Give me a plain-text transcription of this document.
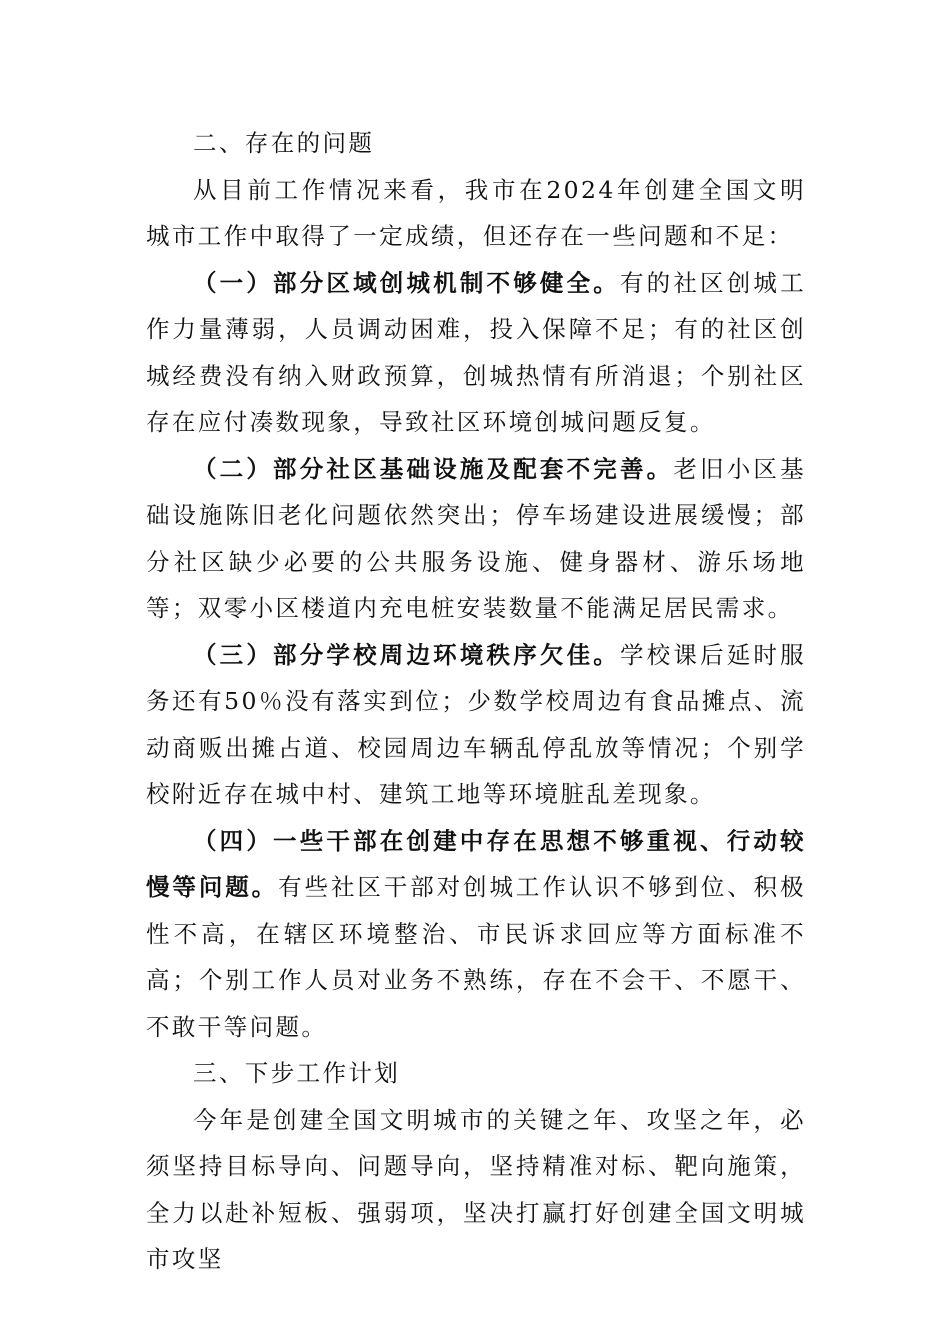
二、存在的问题

从目前工作情况来看，我市在2024年创建全国文明城市工作中取得了一定成绩，但还存在一些问题和不足：

（一）部分区域创城机制不够健全。有的社区创城工作力量薄弱，人员调动困难，投入保障不足；有的社区创城经费没有纳入财政预算，创城热情有所消退；个别社区存在应付凑数现象，导致社区环境创城问题反复。

（二）部分社区基础设施及配套不完善。老旧小区基础设施陈旧老化问题依然突出；停车场建设进展缓慢；部分社区缺少必要的公共服务设施、健身器材、游乐场地等；双零小区楼道内充电桩安装数量不能满足居民需求。

（三）部分学校周边环境秩序欠佳。学校课后延时服务还有50％没有落实到位；少数学校周边有食品摊点、流动商贩出摊占道、校园周边车辆乱停乱放等情况；个别学校附近存在城中村、建筑工地等环境脏乱差现象。

（四）一些干部在创建中存在思想不够重视、行动较慢等问题。有些社区干部对创城工作认识不够到位、积极性不高，在辖区环境整治、市民诉求回应等方面标准不高；个别工作人员对业务不熟练，存在不会干、不愿干、不敢干等问题。

三、下步工作计划

今年是创建全国文明城市的关键之年、攻坚之年，必须坚持目标导向、问题导向，坚持精准对标、靶向施策，全力以赴补短板、强弱项，坚决打赢打好创建全国文明城市攻坚
